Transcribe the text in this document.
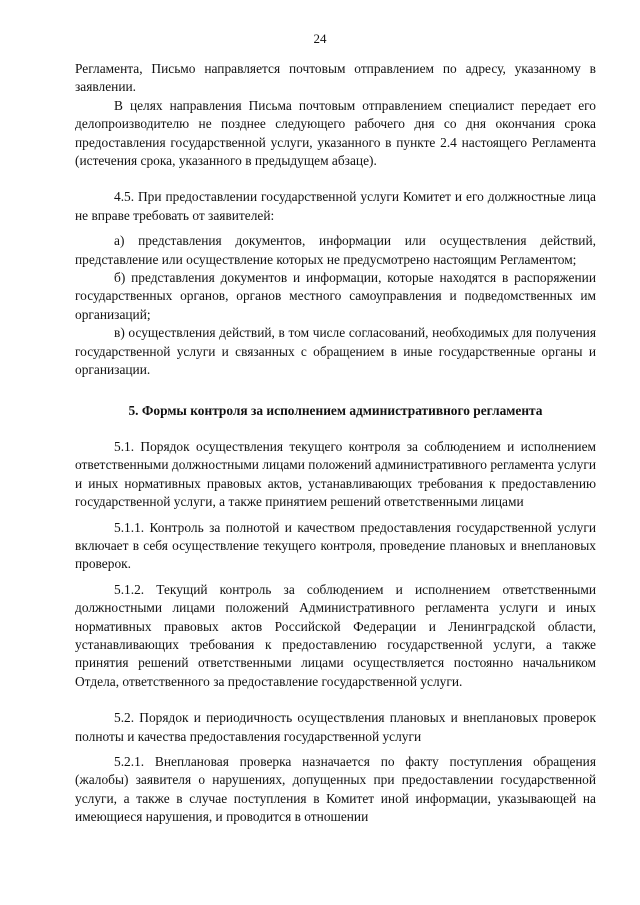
24

Регламента, Письмо направляется почтовым отправлением по адресу, указанному в заявлении.

В целях направления Письма почтовым отправлением специалист передает его делопроизводителю не позднее следующего рабочего дня со дня окончания срока предоставления государственной услуги, указанного в пункте 2.4 настоящего Регламента (истечения срока, указанного в предыдущем абзаце).

4.5. При предоставлении государственной услуги Комитет и его должностные лица не вправе требовать от заявителей:

а) представления документов, информации или осуществления действий, представление или осуществление которых не предусмотрено настоящим Регламентом;

б) представления документов и информации, которые находятся в распоряжении государственных органов, органов местного самоуправления и подведомственных им организаций;

в) осуществления действий, в том числе согласований, необходимых для получения государственной услуги и связанных с обращением в иные государственные органы и организации.

5. Формы контроля за исполнением административного регламента

5.1. Порядок осуществления текущего контроля за соблюдением и исполнением ответственными должностными лицами положений административного регламента услуги и иных нормативных правовых актов, устанавливающих требования к предоставлению государственной услуги, а также принятием решений ответственными лицами

5.1.1. Контроль за полнотой и качеством предоставления государственной услуги включает в себя осуществление текущего контроля, проведение плановых и внеплановых проверок.

5.1.2. Текущий контроль за соблюдением и исполнением ответственными должностными лицами положений Административного регламента услуги и иных нормативных правовых актов Российской Федерации и Ленинградской области, устанавливающих требования к предоставлению государственной услуги, а также принятия решений ответственными лицами осуществляется постоянно начальником Отдела, ответственного за предоставление государственной услуги.

5.2. Порядок и периодичность осуществления плановых и внеплановых проверок полноты и качества предоставления государственной услуги

5.2.1. Внеплановая проверка назначается по факту поступления обращения (жалобы) заявителя о нарушениях, допущенных при предоставлении государственной услуги, а также в случае поступления в Комитет иной информации, указывающей на имеющиеся нарушения, и проводится в отношении
